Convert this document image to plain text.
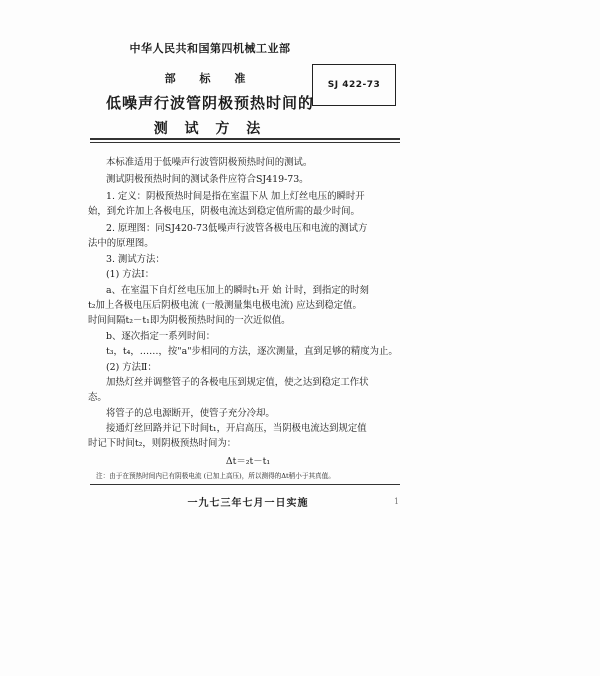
中华人民共和国第四机械工业部
部 标 准	SJ 422-73
低噪声行波管阴极预热时间的
测 试 方 法
本标准适用于低噪声行波管阴极预热时间的测试。
测试阴极预热时间的测试条件应符合SJ419-73。
1. 定义：阴极预热时间是指在室温下从 加上灯丝电压的瞬时开
始，到允许加上各极电压，阴极电流达到稳定值所需的最少时间。
2. 原理图：同SJ420-73低噪声行波管各极电压和电流的测试方
法中的原理图。
3. 测试方法：
(1) 方法Ⅰ：
a、在室温下自灯丝电压加上的瞬时t₁开 始 计时，到指定的时刻
t₂加上各极电压后阴极电流 (一般测量集电极电流) 应达到稳定值。
时间间隔t₂－t₁即为阴极预热时间的一次近似值。
b、逐次指定一系列时间：
t₃，t₄，……，按"a"步相同的方法，逐次测量，直到足够的精度为止。
(2) 方法Ⅱ：
加热灯丝并调整管子的各极电压到规定值，使之达到稳定工作状
态。
将管子的总电源断开，使管子充分冷却。
接通灯丝回路并记下时间t₁，开启高压，当阴极电流达到规定值
一九七三年七月一日实施	1
时记下时间t₂，则阴极预热时间为：
Δt＝₂t－t₁
注：由于在预热时间内已有阴极电流 (已加上高压)，所以测得的Δt稍小于其真值。
